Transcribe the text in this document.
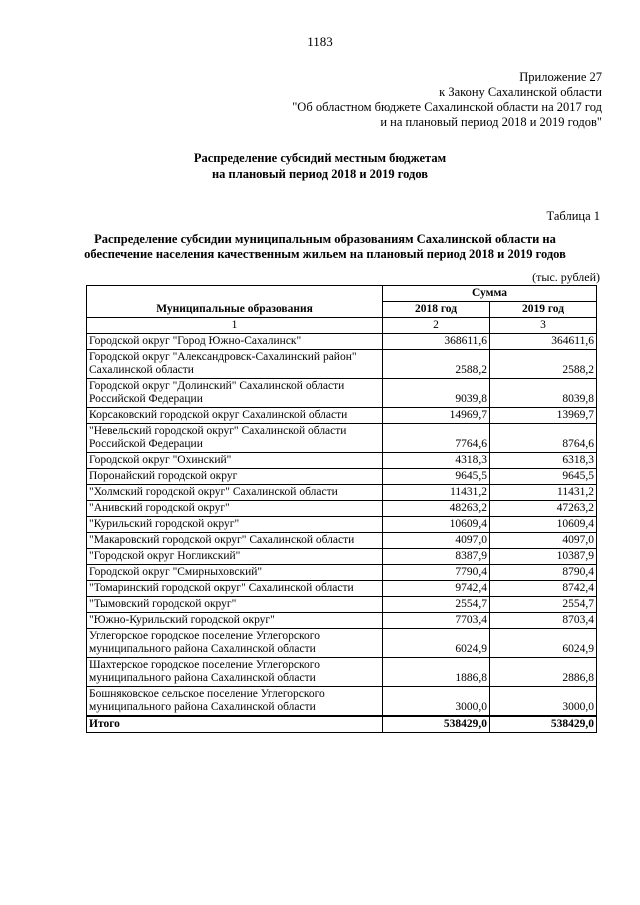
1183
Приложение 27
к Закону Сахалинской области
"Об областном бюджете Сахалинской области на 2017 год
и на плановый период 2018 и 2019 годов"
Распределение субсидий местным бюджетам
на плановый период 2018 и 2019 годов
Таблица 1
Распределение субсидии муниципальным образованиям Сахалинской области на
обеспечение населения качественным жильем на плановый период 2018 и 2019 годов
(тыс. рублей)
Муниципальные образования	Сумма	
	2018 год	2019 год
1	2	3
Городской округ "Город Южно-Сахалинск"	368611,6	364611,6
Городской округ "Александровск-Сахалинский район" Сахалинской области	2588,2	2588,2
Городской округ "Долинский" Сахалинской области Российской Федерации	9039,8	8039,8
Корсаковский городской округ Сахалинской области	14969,7	13969,7
"Невельский городской округ" Сахалинской области Российской Федерации	7764,6	8764,6
Городской округ "Охинский"	4318,3	6318,3
Поронайский городской округ	9645,5	9645,5
"Холмский городской округ" Сахалинской области	11431,2	11431,2
"Анивский городской округ"	48263,2	47263,2
"Курильский городской округ"	10609,4	10609,4
"Макаровский городской округ" Сахалинской области	4097,0	4097,0
"Городской округ Ногликский"	8387,9	10387,9
Городской округ "Смирныховский"	7790,4	8790,4
"Томаринский городской округ" Сахалинской области	9742,4	8742,4
"Тымовский городской округ"	2554,7	2554,7
"Южно-Курильский городской округ"	7703,4	8703,4
Углегорское городское поселение Углегорского муниципального района Сахалинской области	6024,9	6024,9
Шахтерское городское поселение Углегорского муниципального района Сахалинской области	1886,8	2886,8
Бошняковское сельское поселение Углегорского муниципального района Сахалинской области	3000,0	3000,0
Итого	538429,0	538429,0
